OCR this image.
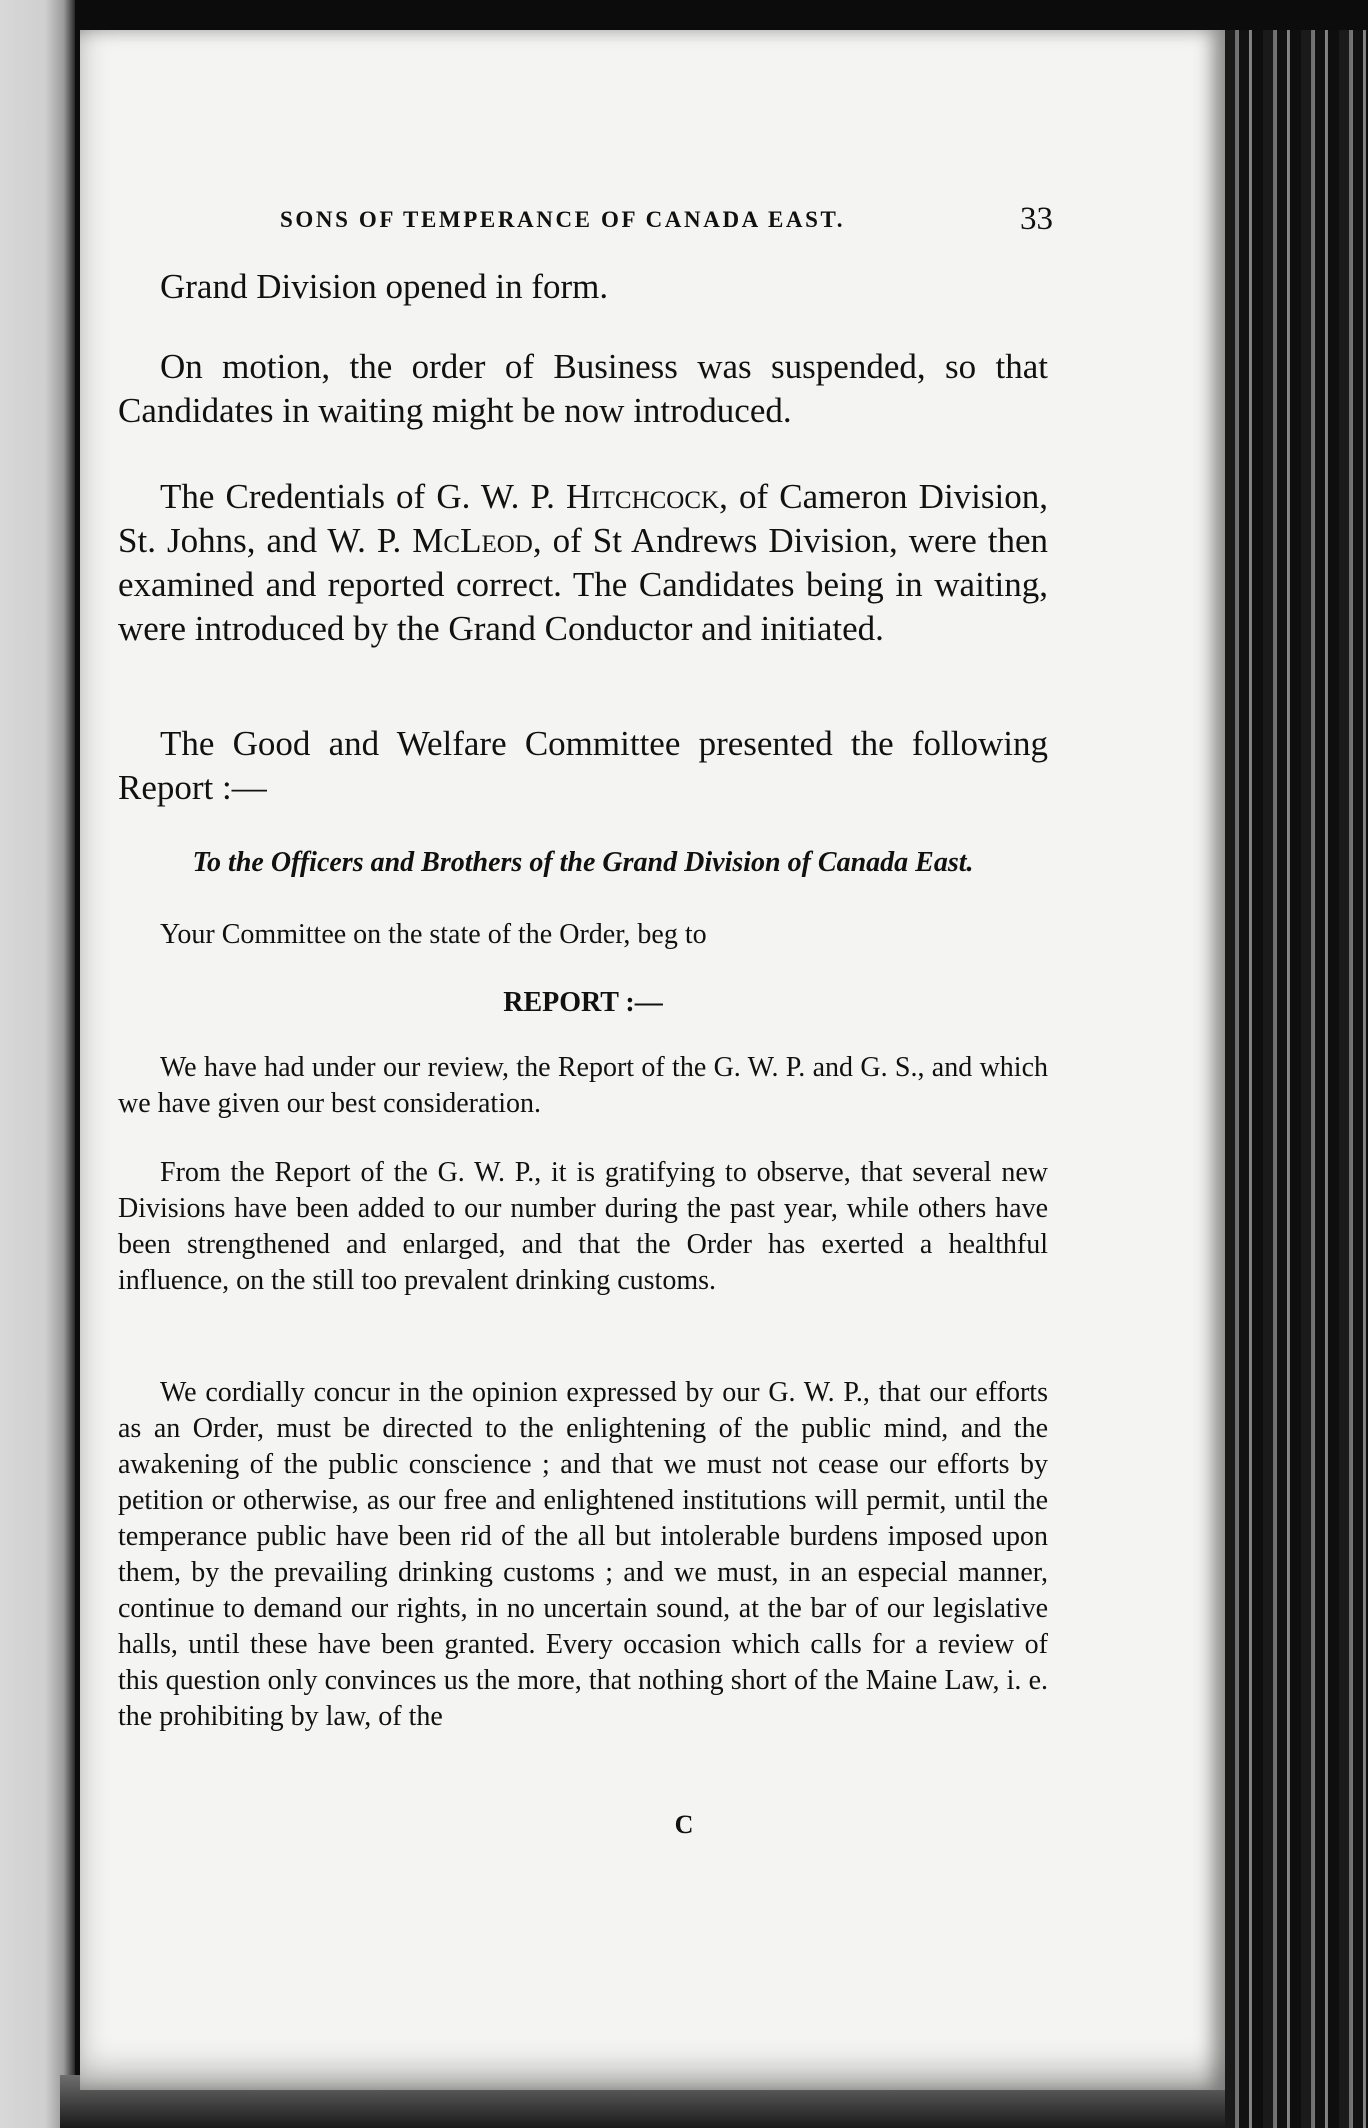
SONS OF TEMPERANCE OF CANADA EAST.	33
Grand Division opened in form.
On motion, the order of Business was suspended, so that Candidates in waiting might be now introduced.
The Credentials of G. W. P. Hitchcock, of Cameron Division, St. Johns, and W. P. McLeod, of St Andrews Division, were then examined and reported correct. The Candidates being in waiting, were introduced by the Grand Conductor and initiated.
The Good and Welfare Committee presented the following Report :—
To the Officers and Brothers of the Grand Division of Canada East.
Your Committee on the state of the Order, beg to
REPORT :—
We have had under our review, the Report of the G. W. P. and G. S., and which we have given our best consideration.
From the Report of the G. W. P., it is gratifying to observe, that several new Divisions have been added to our number during the past year, while others have been strengthened and enlarged, and that the Order has exerted a healthful influence, on the still too prevalent drinking customs.
We cordially concur in the opinion expressed by our G. W. P., that our efforts as an Order, must be directed to the enlightening of the public mind, and the awakening of the public conscience ; and that we must not cease our efforts by petition or otherwise, as our free and enlightened institutions will permit, until the temperance public have been rid of the all but intolerable burdens imposed upon them, by the prevailing drinking customs ; and we must, in an especial manner, continue to demand our rights, in no uncertain sound, at the bar of our legislative halls, until these have been granted. Every occasion which calls for a review of this question only convinces us the more, that nothing short of the Maine Law, i. e. the prohibiting by law, of the
C
